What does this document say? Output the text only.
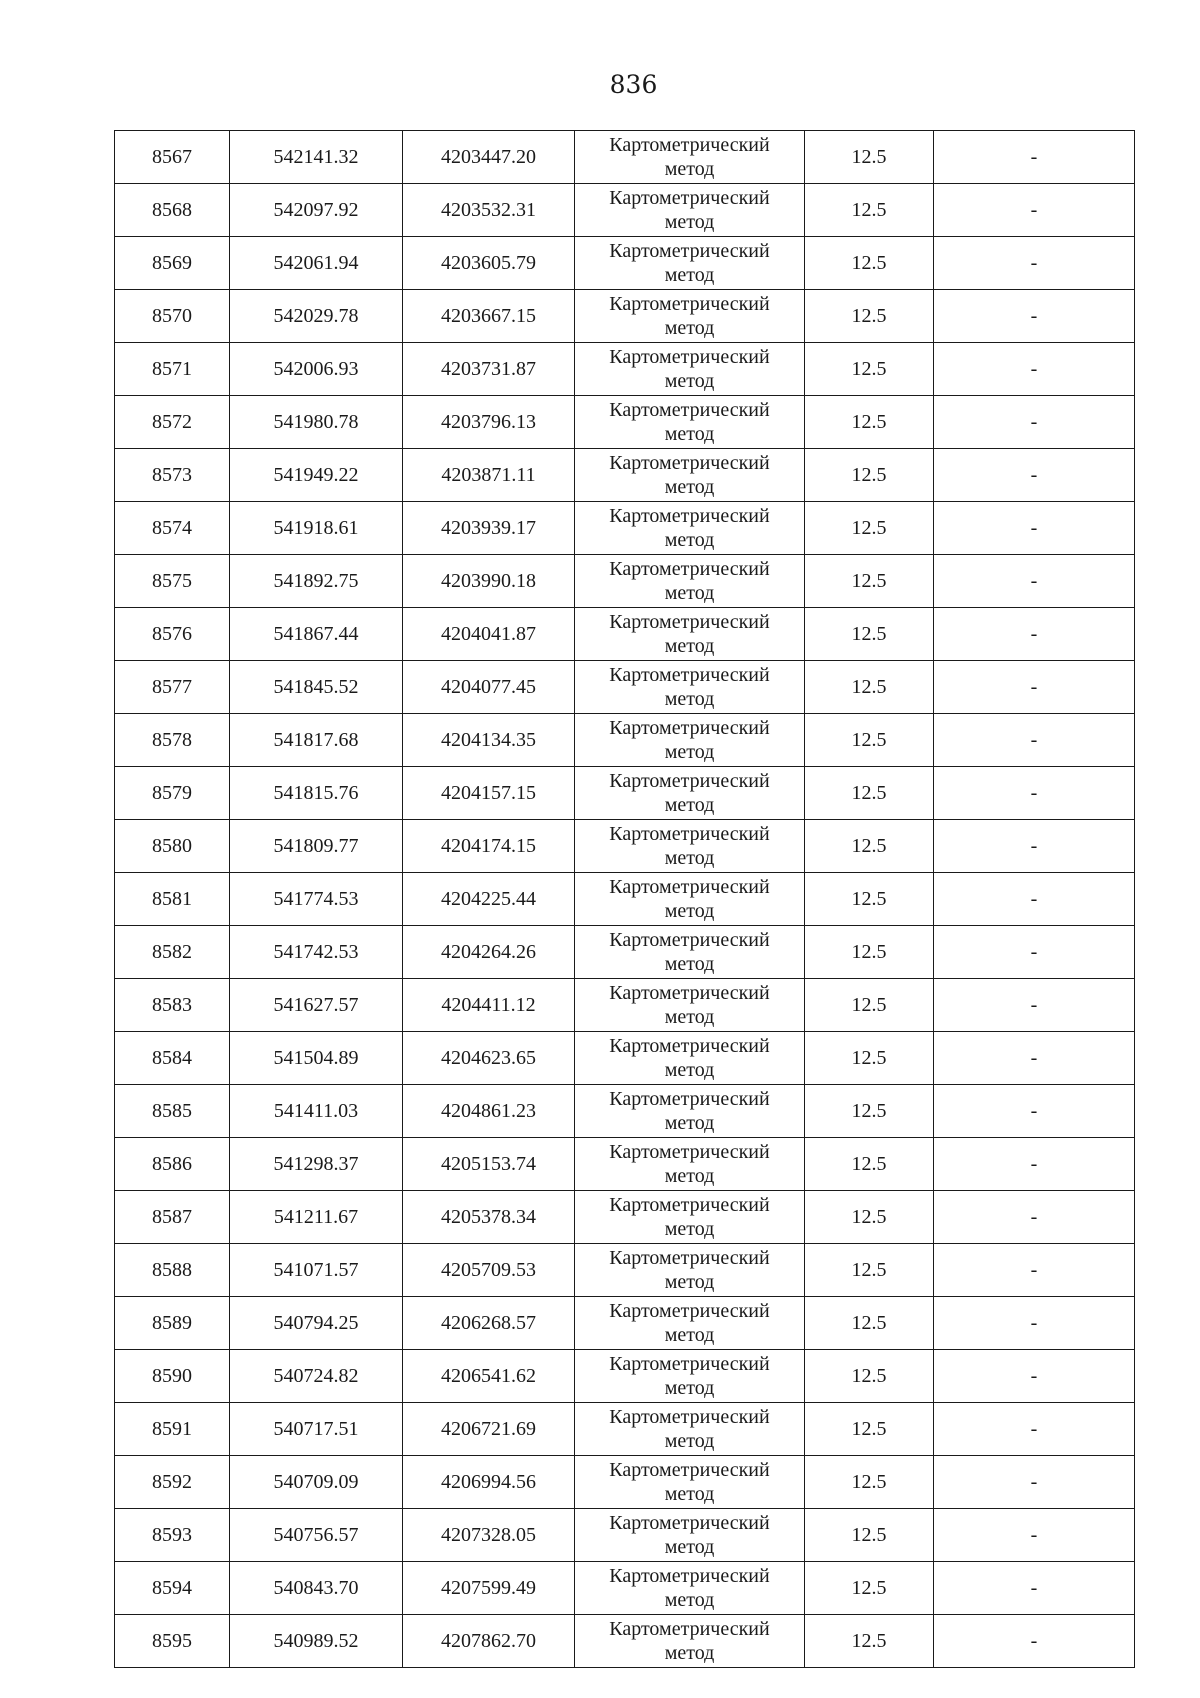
836
8567	542141.32	4203447.20	Картометрический
метод	12.5	-
8568	542097.92	4203532.31	Картометрический
метод	12.5	-
8569	542061.94	4203605.79	Картометрический
метод	12.5	-
8570	542029.78	4203667.15	Картометрический
метод	12.5	-
8571	542006.93	4203731.87	Картометрический
метод	12.5	-
8572	541980.78	4203796.13	Картометрический
метод	12.5	-
8573	541949.22	4203871.11	Картометрический
метод	12.5	-
8574	541918.61	4203939.17	Картометрический
метод	12.5	-
8575	541892.75	4203990.18	Картометрический
метод	12.5	-
8576	541867.44	4204041.87	Картометрический
метод	12.5	-
8577	541845.52	4204077.45	Картометрический
метод	12.5	-
8578	541817.68	4204134.35	Картометрический
метод	12.5	-
8579	541815.76	4204157.15	Картометрический
метод	12.5	-
8580	541809.77	4204174.15	Картометрический
метод	12.5	-
8581	541774.53	4204225.44	Картометрический
метод	12.5	-
8582	541742.53	4204264.26	Картометрический
метод	12.5	-
8583	541627.57	4204411.12	Картометрический
метод	12.5	-
8584	541504.89	4204623.65	Картометрический
метод	12.5	-
8585	541411.03	4204861.23	Картометрический
метод	12.5	-
8586	541298.37	4205153.74	Картометрический
метод	12.5	-
8587	541211.67	4205378.34	Картометрический
метод	12.5	-
8588	541071.57	4205709.53	Картометрический
метод	12.5	-
8589	540794.25	4206268.57	Картометрический
метод	12.5	-
8590	540724.82	4206541.62	Картометрический
метод	12.5	-
8591	540717.51	4206721.69	Картометрический
метод	12.5	-
8592	540709.09	4206994.56	Картометрический
метод	12.5	-
8593	540756.57	4207328.05	Картометрический
метод	12.5	-
8594	540843.70	4207599.49	Картометрический
метод	12.5	-
8595	540989.52	4207862.70	Картометрический
метод	12.5	-
